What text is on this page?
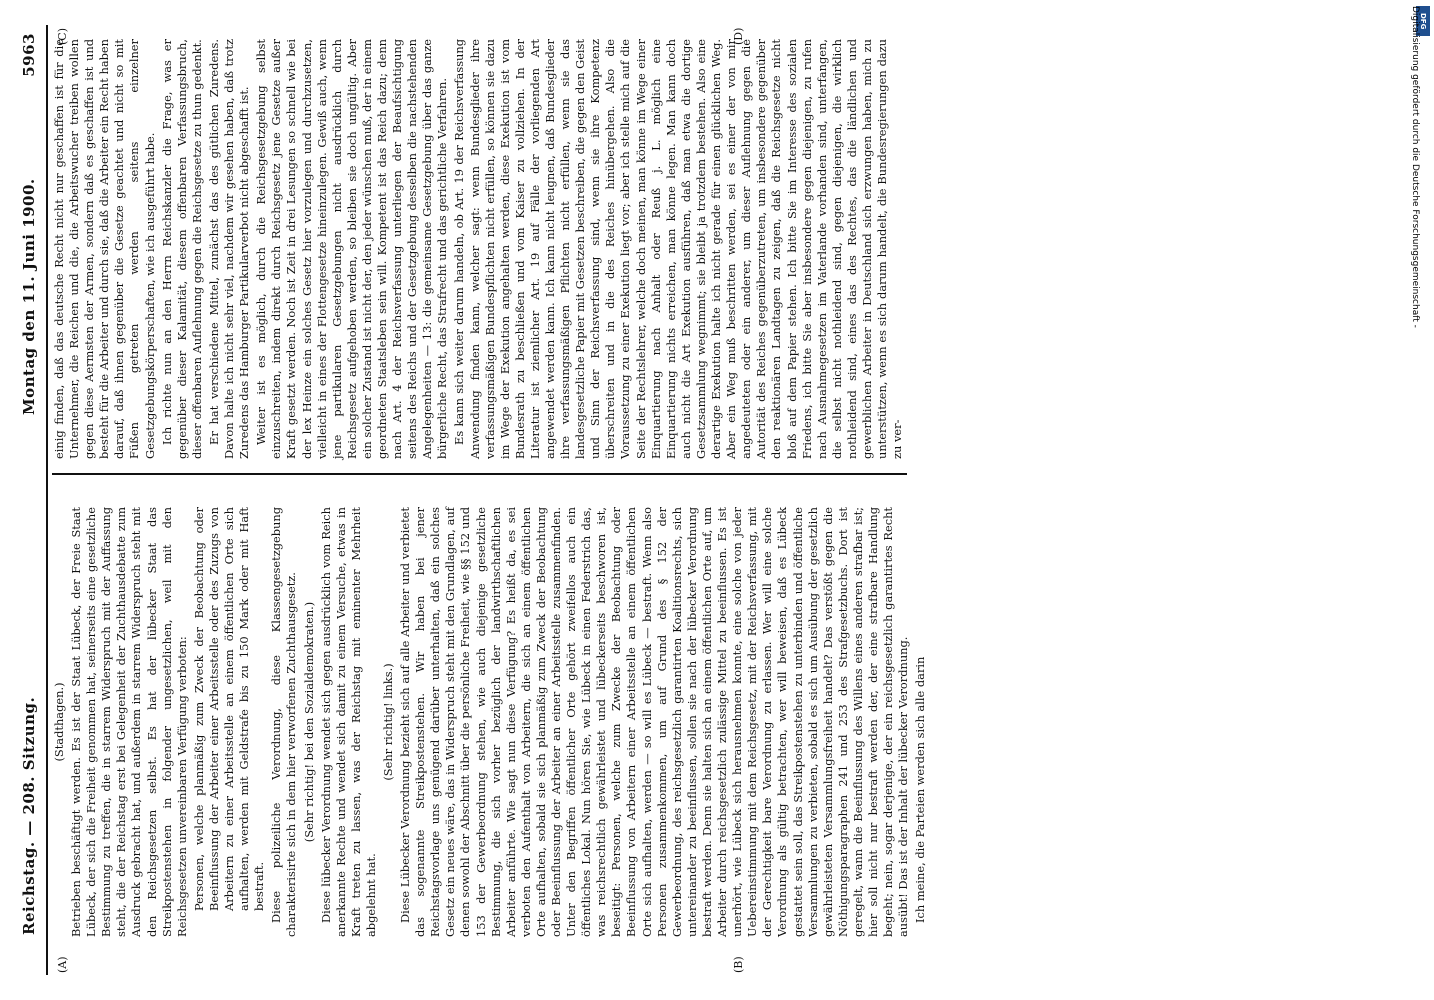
Reichstag. — 208. Sitzung.
Montag den 11. Juni 1900.
5963
(A)	(B)
(C)	(D)

(Stadthagen.) Betrieben beschäftigt werden. Es ist der Staat Lübeck, der Freie Staat Lübeck, der sich die Freiheit genommen hat, seinerseits eine gesetzliche Bestimmung zu treffen, die in starrem Widerspruch mit der Auffassung steht, die der Reichstag erst bei Gelegenheit der Zuchthausdebatte zum Ausdruck gebracht hat, und außerdem in starrem Widerspruch steht mit den Reichsgesetzen selbst. Es hat der lübecker Staat das Streikpostenstehen in folgender ungesetzlichen, weil mit den Reichsgesetzen unvereinbaren Verfügung verboten: Personen, welche planmäßig zum Zweck der Beobachtung oder Beeinflussung der Arbeiter einer Arbeitsstelle oder des Zuzugs von Arbeitern zu einer Arbeitsstelle an einem öffentlichen Orte sich aufhalten, werden mit Geldstrafe bis zu 150 Mark oder mit Haft bestraft. Diese polizeiliche Verordnung, diese Klassengesetzgebung charakterisirte sich in dem hier verworfenen Zuchthausgesetz. (Sehr richtig! bei den Sozialdemokraten.) Diese lübecker Verordnung wendet sich gegen ausdrücklich vom Reich anerkannte Rechte und wendet sich damit zu einem Versuche, etwas in Kraft treten zu lassen, was der Reichstag mit eminenter Mehrheit abgelehnt hat.

(Sehr richtig! links.) Diese Lübecker Verordnung bezieht sich auf alle Arbeiter und verbietet das sogenannte Streikpostenstehen. Wir haben bei jener Reichstagsvorlage uns genügend darüber unterhalten, daß ein solches Gesetz ein neues wäre, das in Widerspruch steht mit den Grundlagen, auf denen sowohl der Abschnitt über die persönliche Freiheit, wie §§ 152 und 153 der Gewerbeordnung stehen, wie auch diejenige gesetzliche Bestimmung, die sich vorher bezüglich der landwirthschaftlichen Arbeiter anführte. Wie sagt nun diese Verfügung? Es heißt da, es sei verboten den Aufenthalt von Arbeitern, die sich an einem öffentlichen Orte aufhalten, sobald sie sich planmäßig zum Zweck der Beobachtung oder Beeinflussung der Arbeiter an einer Arbeitsstelle zusammenfinden. Unter den Begriffen öffentlicher Orte gehört zweifellos auch ein öffentliches Lokal. Nun hören Sie, wie Lübeck in einen Federstrich das, was reichsrechtlich gewährleistet und lübeckerseits beschworen ist, beseitigt: Personen, welche zum Zwecke der Beobachtung oder Beeinflussung von Arbeitern einer Arbeitsstelle an einem öffentlichen Orte sich aufhalten, werden — so will es Lübeck — bestraft. Wenn also Personen zusammenkommen, um auf Grund des § 152 der Gewerbeordnung, des reichsgesetzlich garantirten Koalitionsrechts, sich untereinander zu beeinflussen, sollen sie nach der lübecker Verordnung bestraft werden. Denn sie halten sich an einem öffentlichen Orte auf, um Arbeiter durch reichsgesetzlich zulässige Mittel zu beeinflussen. Es ist unerhört, wie Lübeck sich herausnehmen konnte, eine solche von jeder Uebereinstimmung mit dem Reichsgesetz, mit der Reichsverfassung, mit der Gerechtigkeit bare Verordnung zu erlassen. Wer will eine solche Verordnung als gültig betrachten, wer will beweisen, daß es Lübeck gestattet sein soll, das Streikpostenstehen zu unterbinden und öffentliche Versammlungen zu verbieten, sobald es sich um Ausübung der gesetzlich gewährleisteten Versammlungsfreiheit handelt? Das verstößt gegen die Nöthigungsparagraphen 241 und 253 des Strafgesetzbuchs. Dort ist geregelt, wann die Beeinflussung des Willens eines anderen strafbar ist; hier soll nicht nur bestraft werden der, der eine strafbare Handlung begeht; nein, sogar derjenige, der ein reichsgesetzlich garantirtes Recht ausübt! Das ist der Inhalt der lübecker Verordnung. Ich meine, die Parteien werden sich alle darin

einig finden, daß das deutsche Recht nicht nur geschaffen ist für die Unternehmer, die Reichen und die, die Arbeitswucher treiben wollen gegen diese Aermsten der Armen, sondern daß es geschaffen ist und besteht für die Arbeiter und durch sie, daß die Arbeiter ein Recht haben darauf, daß ihnen gegenüber die Gesetze geachtet und nicht so mit Füßen getreten werden seitens einzelner Gesetzgebungskörperschaften, wie ich ausgeführt habe. Ich richte nun an den Herrn Reichskanzler die Frage, was er gegenüber dieser Kalamität, diesem offenbaren Verfassungsbruch, dieser offenbaren Auflehnung gegen die Reichsgesetze zu thun gedenkt. Er hat verschiedene Mittel, zunächst das des gütlichen Zuredens. Davon halte ich nicht sehr viel, nachdem wir gesehen haben, daß trotz Zuredens das Hamburger Partikularverbot nicht abgeschafft ist. Weiter ist es möglich, durch die Reichsgesetzgebung selbst einzuschreiten, indem direkt durch Reichsgesetz jene Gesetze außer Kraft gesetzt werden. Noch ist Zeit in drei Lesungen so schnell wie bei der lex Heinze ein solches Gesetz hier vorzulegen und durchzusetzen, vielleicht in eines der Flottengesetze hineinzulegen. Gewiß auch, wenn jene partikularen Gesetzgebungen nicht ausdrücklich durch Reichsgesetz aufgehoben werden, so bleiben sie doch ungültig. Aber ein solcher Zustand ist nicht der, den jeder wünschen muß, der in einem geordneten Staatsleben sein will. Kompetent ist das Reich dazu; denn nach Art. 4 der Reichsverfassung unterliegen der Beaufsichtigung seitens des Reichs und der Gesetzgebung desselben die nachstehenden Angelegenheiten — 13: die gemeinsame Gesetzgebung über das ganze bürgerliche Recht, das Strafrecht und das gerichtliche Verfahren. Es kann sich weiter darum handeln, ob Art. 19 der Reichsverfassung Anwendung finden kann, welcher sagt: wenn Bundesglieder ihre verfassungsmäßigen Bundespflichten nicht erfüllen, so können sie dazu im Wege der Exekution angehalten werden, diese Exekution ist vom Bundesrath zu beschließen und vom Kaiser zu vollziehen. In der Literatur ist ziemlicher Art. 19 auf Fälle der vorliegenden Art angewendet werden kann. Ich kann nicht leugnen, daß Bundesglieder ihre verfassungsmäßigen Pflichten nicht erfüllen, wenn sie das landesgesetzliche Papier mit Gesetzen beschreiben, die gegen den Geist und Sinn der Reichsverfassung sind, wenn sie ihre Kompetenz überschreiten und in die des Reiches hinübergehen. Also die Voraussetzung zu einer Exekution liegt vor; aber ich stelle mich auf die Seite der Rechtslehrer, welche doch meinen, man könne im Wege einer Einquartierung nach Anhalt oder Reuß j. L. möglich eine Einquartierung nichts erreichen, man könne legen. Man kann doch auch nicht die Art Exekution ausführen, daß man etwa die dortige Gesetzsammlung wegnimmt; sie bleibt ja trotzdem bestehen. Also eine derartige Exekution halte ich nicht gerade für einen glücklichen Weg. Aber ein Weg muß beschritten werden, sei es einer der von mir angedeuteten oder ein anderer, um dieser Auflehnung gegen die Autorität des Reiches gegenüberzutreten, um insbesondere gegenüber den reaktionären Landtagen zu zeigen, daß die Reichsgesetze nicht bloß auf dem Papier stehen. Ich bitte Sie im Interesse des sozialen Friedens, ich bitte Sie aber insbesondere gegen diejenigen, zu rufen nach Ausnahmegesetzen im Vaterlande vorhanden sind, unterfangen, die selbst nicht nothleidend sind, gegen diejenigen, die wirklich nothleidend sind, eines das des Rechtes, das die ländlichen und gewerblichen Arbeiter in Deutschland sich erzwungen haben, mich zu unterstützen, wenn es sich darum handelt, die Bundesregierungen dazu zu ver-

DFG
Digitalisierung gefördert durch die Deutsche Forschungsgemeinschaft -
